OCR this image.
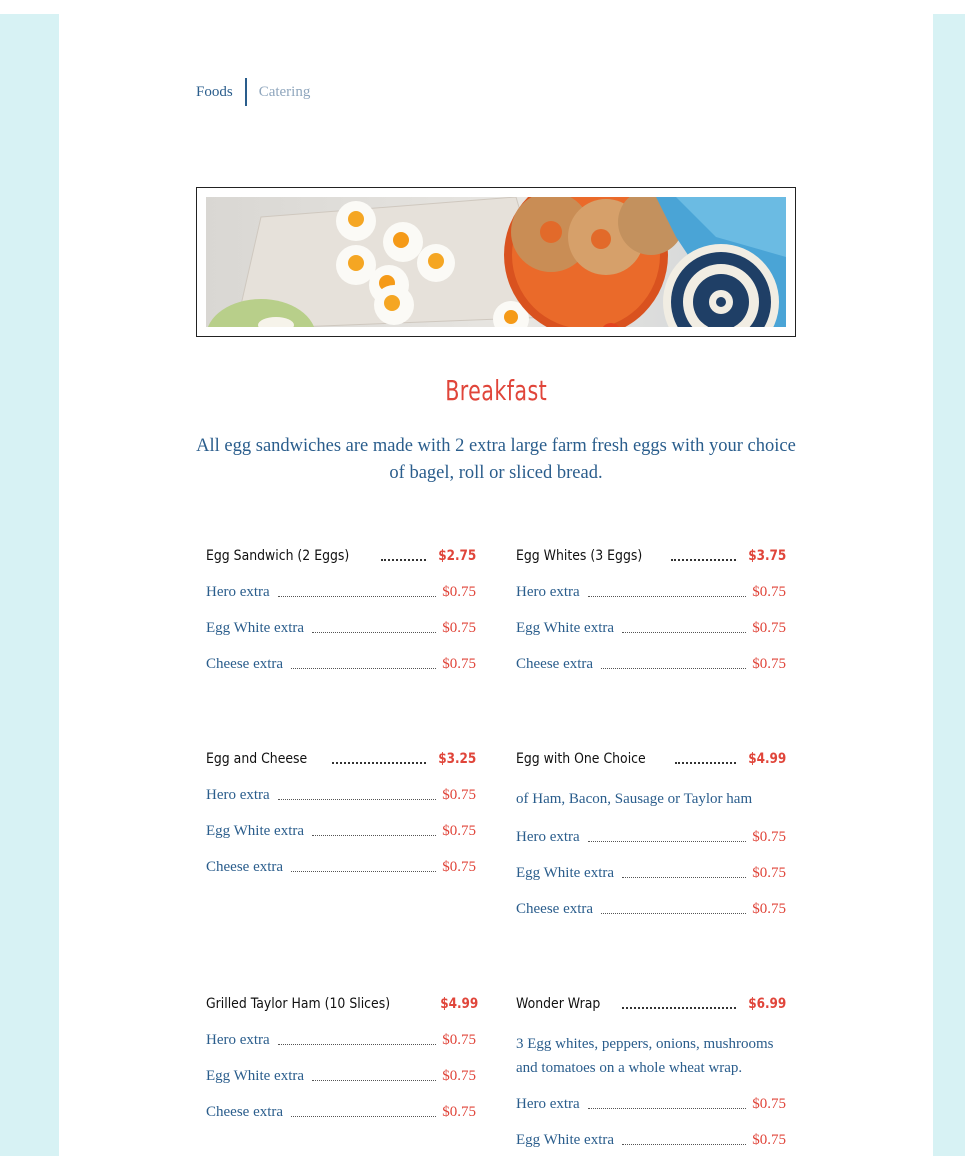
Foods	Catering
Breakfast
All egg sandwiches are made with 2 extra large farm fresh eggs with your choice of bagel, roll or sliced bread.
Egg Sandwich (2 Eggs)	$2.75
Hero extra	$0.75
Egg White extra	$0.75
Cheese extra	$0.75
Egg Whites (3 Eggs)	$3.75
Hero extra	$0.75
Egg White extra	$0.75
Cheese extra	$0.75
Egg and Cheese	$3.25
Hero extra	$0.75
Egg White extra	$0.75
Cheese extra	$0.75
Egg with One Choice	$4.99
of Ham, Bacon, Sausage or Taylor ham
Hero extra	$0.75
Egg White extra	$0.75
Cheese extra	$0.75
Grilled Taylor Ham (10 Slices)	$4.99
Hero extra	$0.75
Egg White extra	$0.75
Cheese extra	$0.75
Wonder Wrap	$6.99
3 Egg whites, peppers, onions, mushrooms and tomatoes on a whole wheat wrap.
Hero extra	$0.75
Egg White extra	$0.75
